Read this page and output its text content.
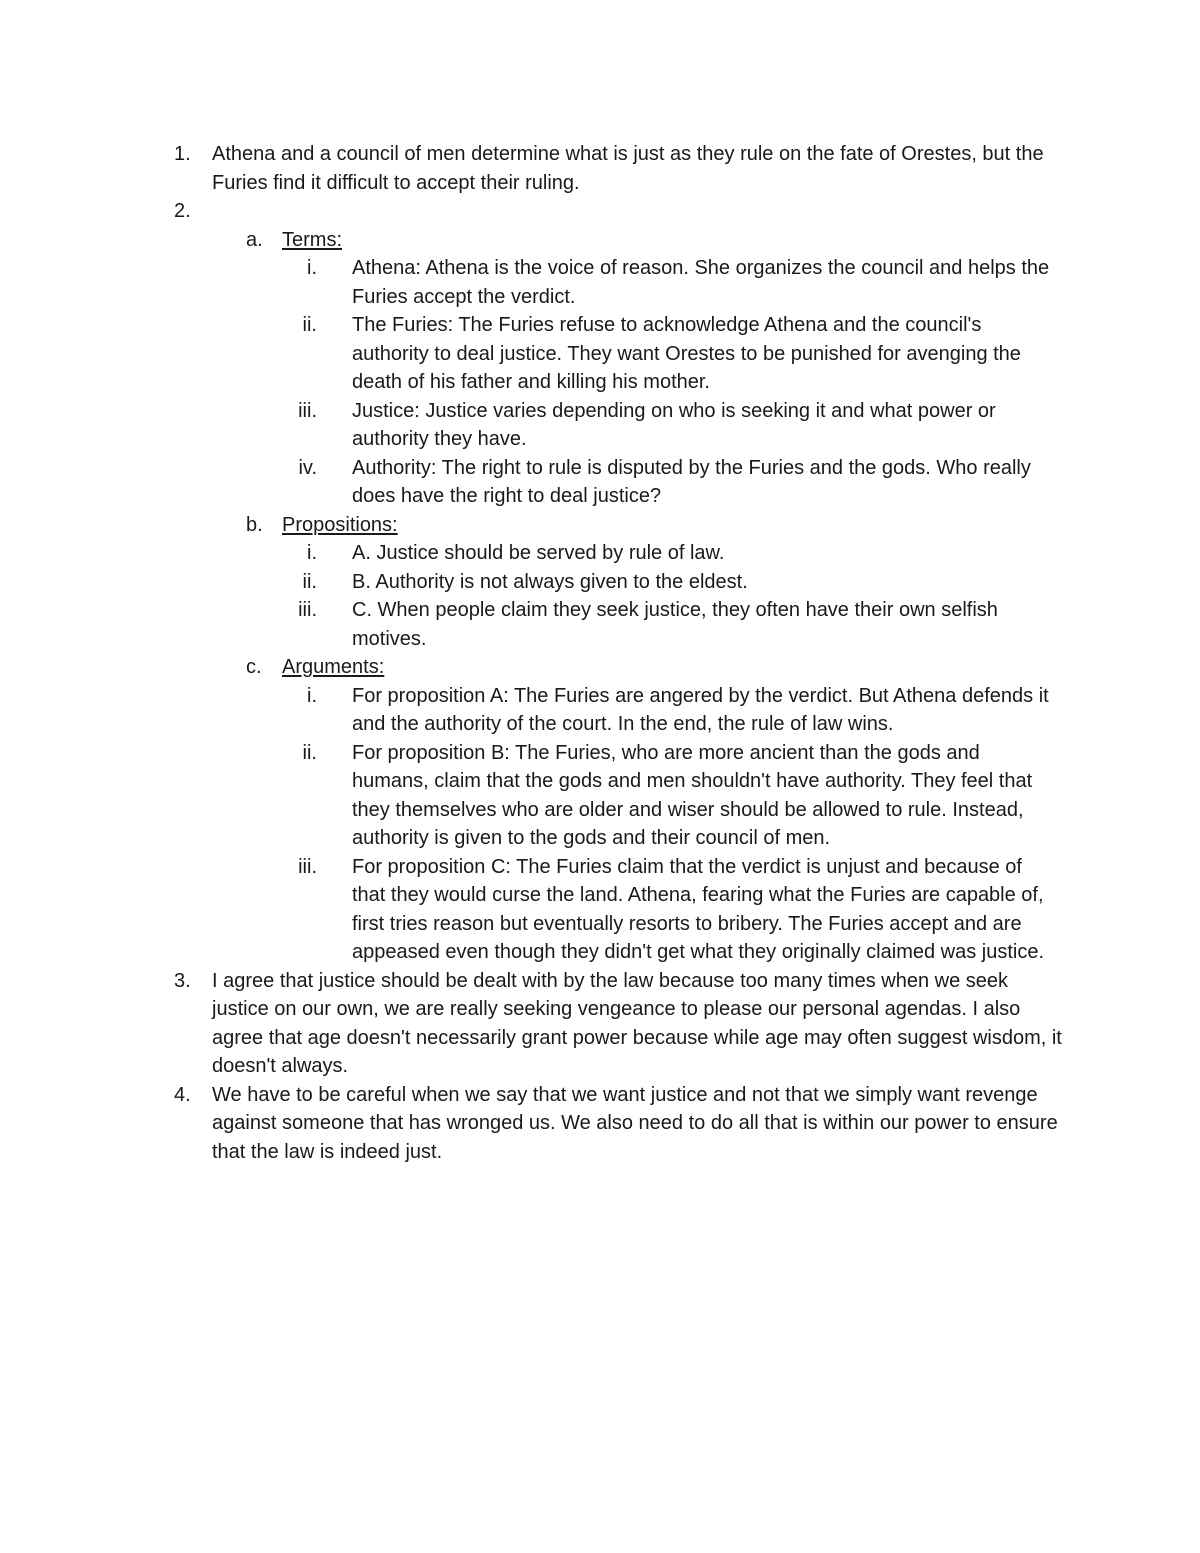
1. Athena and a council of men determine what is just as they rule on the fate of Orestes, but the Furies find it difficult to accept their ruling.
2.
a. Terms:
i. Athena: Athena is the voice of reason. She organizes the council and helps the Furies accept the verdict.
ii. The Furies: The Furies refuse to acknowledge Athena and the council's authority to deal justice. They want Orestes to be punished for avenging the death of his father and killing his mother.
iii. Justice: Justice varies depending on who is seeking it and what power or authority they have.
iv. Authority: The right to rule is disputed by the Furies and the gods. Who really does have the right to deal justice?
b. Propositions:
i. A. Justice should be served by rule of law.
ii. B. Authority is not always given to the eldest.
iii. C. When people claim they seek justice, they often have their own selfish motives.
c. Arguments:
i. For proposition A: The Furies are angered by the verdict. But Athena defends it and the authority of the court. In the end, the rule of law wins.
ii. For proposition B: The Furies, who are more ancient than the gods and humans, claim that the gods and men shouldn't have authority. They feel that they themselves who are older and wiser should be allowed to rule. Instead, authority is given to the gods and their council of men.
iii. For proposition C: The Furies claim that the verdict is unjust and because of that they would curse the land. Athena, fearing what the Furies are capable of, first tries reason but eventually resorts to bribery. The Furies accept and are appeased even though they didn't get what they originally claimed was justice.
3. I agree that justice should be dealt with by the law because too many times when we seek justice on our own, we are really seeking vengeance to please our personal agendas. I also agree that age doesn't necessarily grant power because while age may often suggest wisdom, it doesn't always.
4. We have to be careful when we say that we want justice and not that we simply want revenge against someone that has wronged us. We also need to do all that is within our power to ensure that the law is indeed just.
